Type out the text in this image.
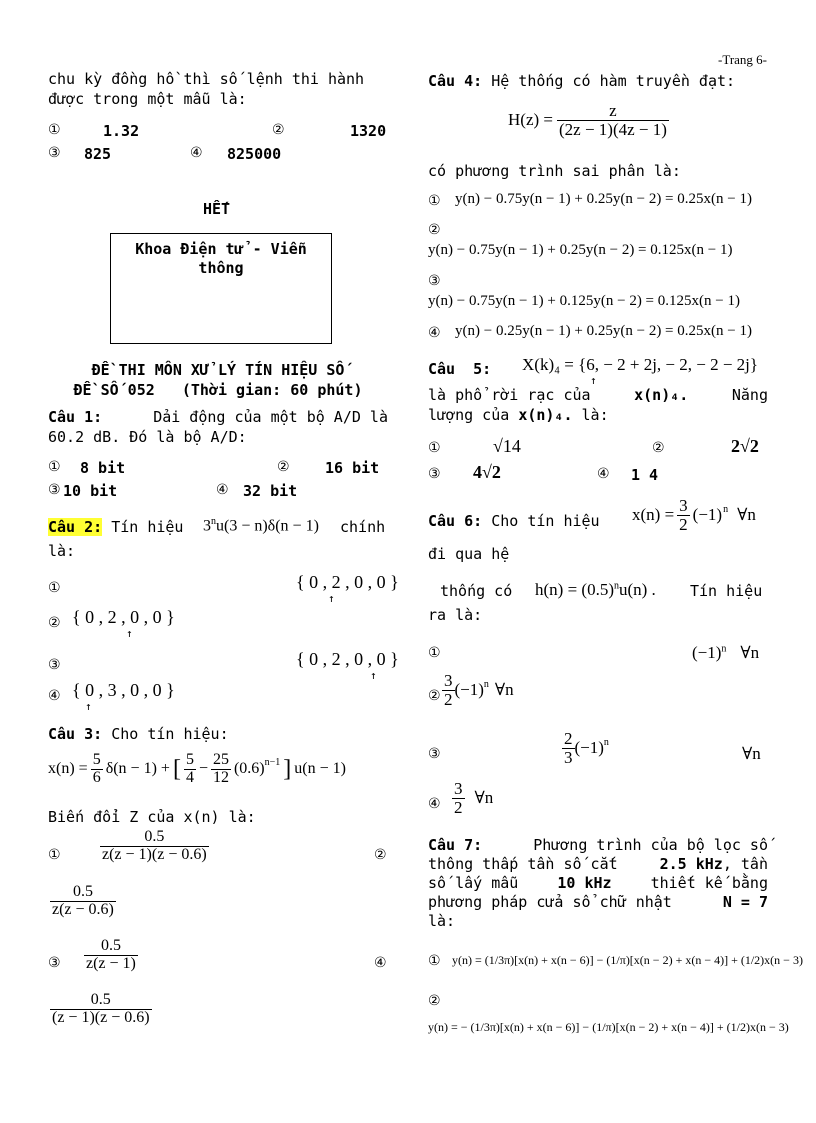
-Trang 6-
chu kỳ đồng hồ thì số lệnh thi hành
được trong một mẫu là:
①	1.32	②	1320
③ 825	④ 825000
HẾT
Khoa Điện tử - Viễn
thông
ĐỀ THI MÔN XỬ LÝ TÍN HIỆU SỐ
ĐỀ SỐ 052   (Thời gian: 60 phút)
Câu 1:	Dải động của một bộ A/D là
60.2 dB. Đó là bộ A/D:
① 8 bit	② 16 bit
③ 10 bit	④ 32 bit
Câu 2: Tín hiệu $3^nu(3 - n)\delta(n - 1)$ chính
là:
①	{ 0 , 2 , 0 , 0 }
↑
② { 0 , 2 , 0 , 0 }
↑
③	{ 0 , 2 , 0 , 0 }
↑
④ { 0 , 3 , 0 , 0 }
↑
Câu 3: Cho tín hiệu:
$x(n) = \frac{5}{6} \delta(n - 1)$ + [ $\frac{5}{4} - \frac{25}{12} (0.6)^{n-1}$ ] u(n − 1)
Biến đổi Z của x(n) là:
① $\frac{0.5}{z(z - 1)(z - 0.6)}$	②
$\frac{0.5}{z(z - 0.6)}$
③ $\frac{0.5}{z(z - 1)}$	④
$\frac{0.5}{(z - 1)(z - 0.6)}$
Câu 4: Hệ thống có hàm truyền đạt:
$H(z) = \frac{z}{(2z - 1)(4z - 1)}$
có phương trình sai phân là:
① y(n) − 0.75y(n − 1) + 0.25y(n − 2) = 0.25x(n − 1)
②
y(n) − 0.75y(n − 1) + 0.25y(n − 2) = 0.125x(n − 1)
③
y(n) − 0.75y(n − 1) + 0.125y(n − 2) = 0.125x(n − 1)
④ y(n) − 0.25y(n − 1) + 0.25y(n − 2) = 0.25x(n − 1)
Câu  5: X(k)₄ = {6, − 2 + 2j, − 2, − 2 − 2j}
↑
là phổ rời rạc của	x(n)₄.	Năng
lượng của x(n)₄. là:
①	√14	②	2√2
③ 4√2	④ 1 4
Câu 6: Cho tín hiệu $x(n) = \frac{3}{2} (-1)^n$ ∀n
đi qua hệ
thống có $h(n) = (0.5)^nu(n)$ . Tín hiệu
ra là:
①	$(-1)^n$ ∀n
② $\frac{3}{2} (-1)^n$ ∀n
③	$\frac{2}{3} (-1)^n$
∀n
④ $\frac{3}{2}$ ∀n
Câu 7:	Phương trình của bộ lọc số
thông thấp tần số cắt	2.5 kHz, tần
số lấy mẫu	10 kHz	thiết kế bằng
phương pháp cửa sổ chữ nhật	N = 7
là:
① y(n) = (1/3π)[x(n) + x(n − 6)] − (1/π)[x(n − 2) + x(n − 4)] + (1/2)x(n − 3)
②
y(n) = − (1/3π)[x(n) + x(n − 6)] − (1/π)[x(n − 2) + x(n − 4)] + (1/2)x(n − 3)
